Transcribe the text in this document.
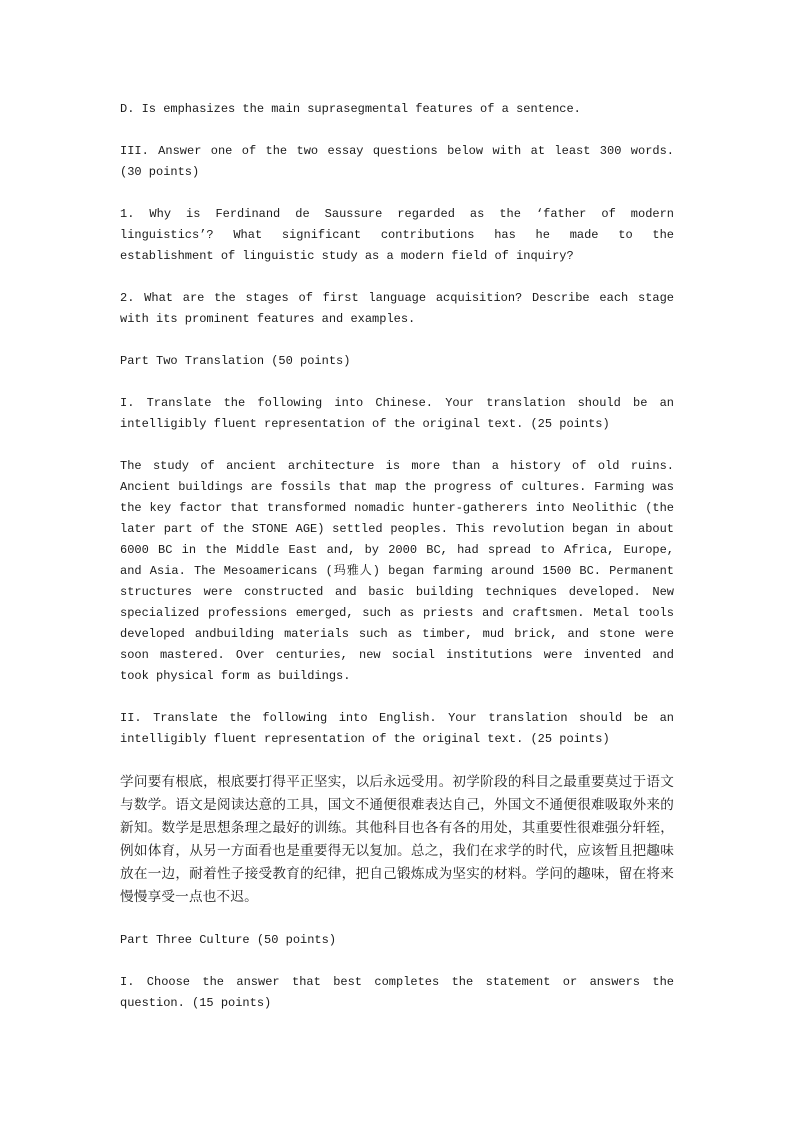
D. Is emphasizes the main suprasegmental features of a sentence.

III. Answer one of the two essay questions below with at least 300 words. (30 points)

1. Why is Ferdinand de Saussure regarded as the ‘father of modern linguistics’? What significant contributions has he made to the establishment of linguistic study as a modern field of inquiry?

2. What are the stages of first language acquisition? Describe each stage with its prominent features and examples.

Part Two Translation (50 points)

I. Translate the following into Chinese. Your translation should be an intelligibly fluent representation of the original text. (25 points)

The study of ancient architecture is more than a history of old ruins. Ancient buildings are fossils that map the progress of cultures. Farming was the key factor that transformed nomadic hunter-gatherers into Neolithic (the later part of the STONE AGE) settled peoples. This revolution began in about 6000 BC in the Middle East and, by 2000 BC, had spread to Africa, Europe, and Asia. The Mesoamericans (玛雅人) began farming around 1500 BC. Permanent structures were constructed and basic building techniques developed. New specialized professions emerged, such as priests and craftsmen. Metal tools developed andbuilding materials such as timber, mud brick, and stone were soon mastered. Over centuries, new social institutions were invented and took physical form as buildings.

II. Translate the following into English. Your translation should be an intelligibly fluent representation of the original text. (25 points)

学问要有根底，根底要打得平正坚实，以后永远受用。初学阶段的科目之最重要莫过于语文与数学。语文是阅读达意的工具，国文不通便很难表达自己，外国文不通便很难吸取外来的新知。数学是思想条理之最好的训练。其他科目也各有各的用处，其重要性很难强分轩轾，例如体育，从另一方面看也是重要得无以复加。总之，我们在求学的时代，应该暂且把趣味放在一边，耐着性子接受教育的纪律，把自己锻炼成为坚实的材料。学问的趣味，留在将来慢慢享受一点也不迟。

Part Three Culture (50 points)

I. Choose the answer that best completes the statement or answers the question. (15 points)
